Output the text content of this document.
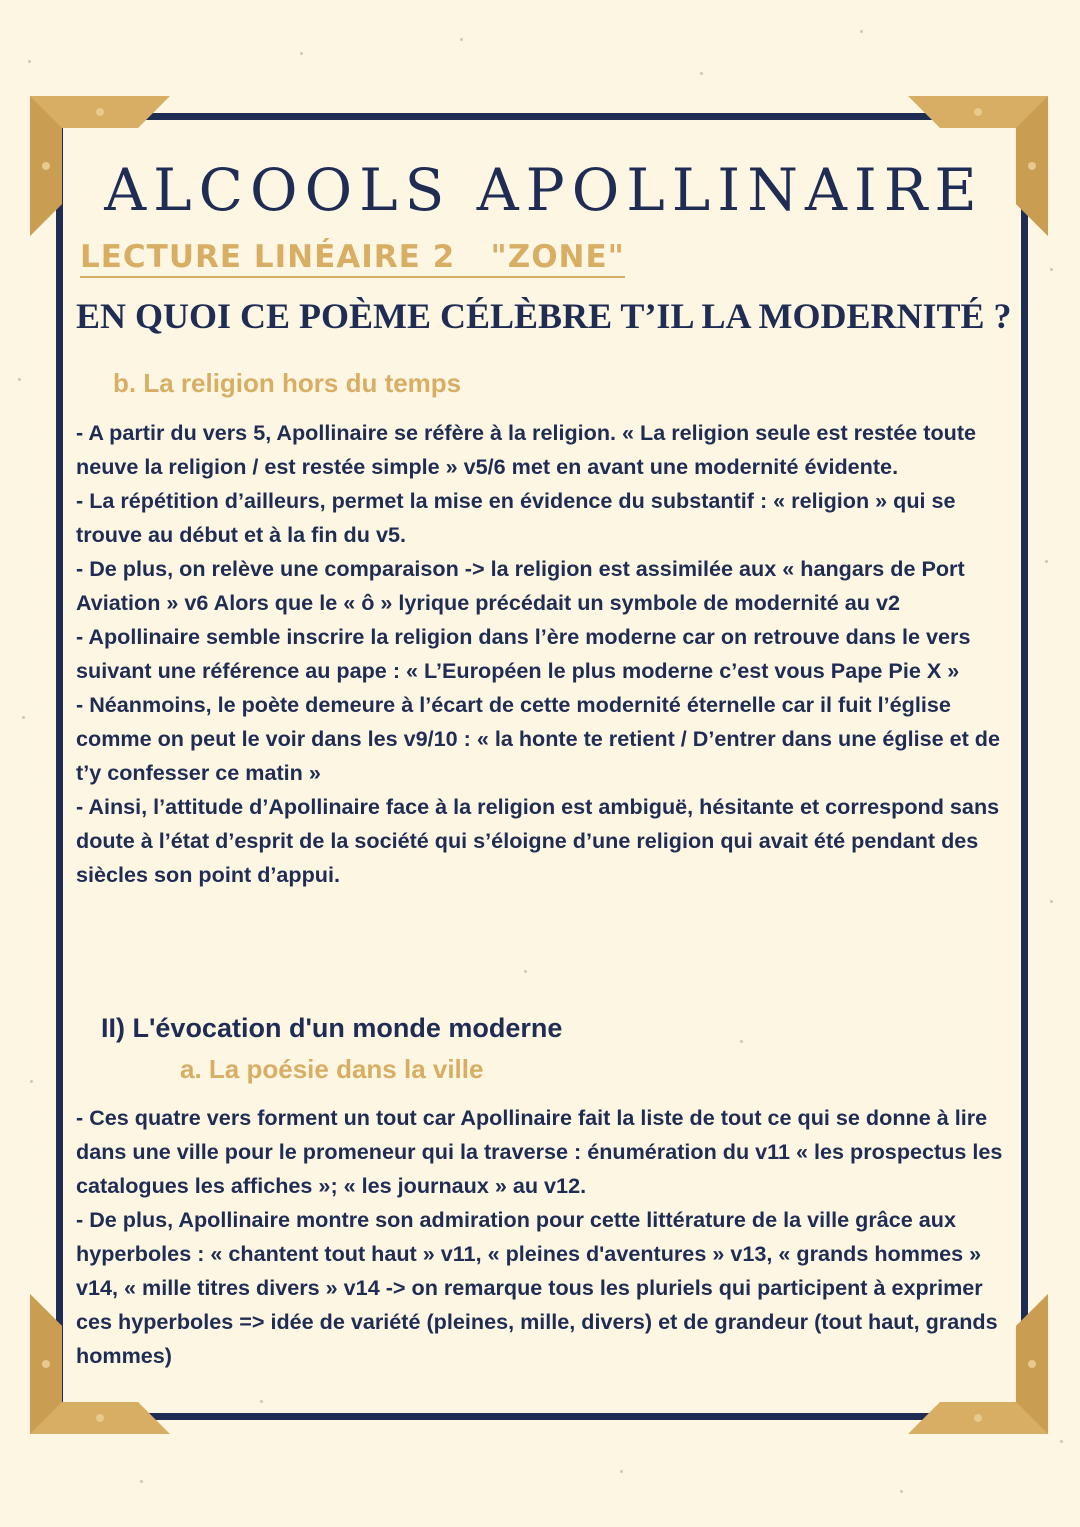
ALCOOLS APOLLINAIRE
LECTURE LINÉAIRE 2   "ZONE"
EN QUOI CE POÈME CÉLÈBRE T’IL LA MODERNITÉ ?
b. La religion hors du temps

- A partir du vers 5, Apollinaire se réfère à la religion. « La religion seule est restée toute neuve la religion / est restée simple » v5/6 met en avant une modernité évidente.

- La répétition d’ailleurs, permet la mise en évidence du substantif : « religion » qui se trouve au début et à la fin du v5.

- De plus, on relève une comparaison -> la religion est assimilée aux « hangars de Port Aviation » v6 Alors que le « ô » lyrique précédait un symbole de modernité au v2

- Apollinaire semble inscrire la religion dans l’ère moderne car on retrouve dans le vers suivant une référence au pape : « L’Européen le plus moderne c’est vous Pape Pie X »

- Néanmoins, le poète demeure à l’écart de cette modernité éternelle car il fuit l’église comme on peut le voir dans les v9/10 : « la honte te retient / D’entrer dans une église et de t’y confesser ce matin »

- Ainsi, l’attitude d’Apollinaire face à la religion est ambiguë, hésitante et correspond sans doute à l’état d’esprit de la société qui s’éloigne d’une religion qui avait été pendant des siècles son point d’appui.

II) L'évocation d'un monde moderne
a. La poésie dans la ville

- Ces quatre vers forment un tout car Apollinaire fait la liste de tout ce qui se donne à lire dans une ville pour le promeneur qui la traverse : énumération du v11 « les prospectus les catalogues les affiches »; « les journaux » au v12.

- De plus, Apollinaire montre son admiration pour cette littérature de la ville grâce aux hyperboles : « chantent tout haut » v11, « pleines d'aventures » v13, « grands hommes » v14, « mille titres divers » v14 -> on remarque tous les pluriels qui participent à exprimer ces hyperboles => idée de variété (pleines, mille, divers) et de grandeur (tout haut, grands hommes)
